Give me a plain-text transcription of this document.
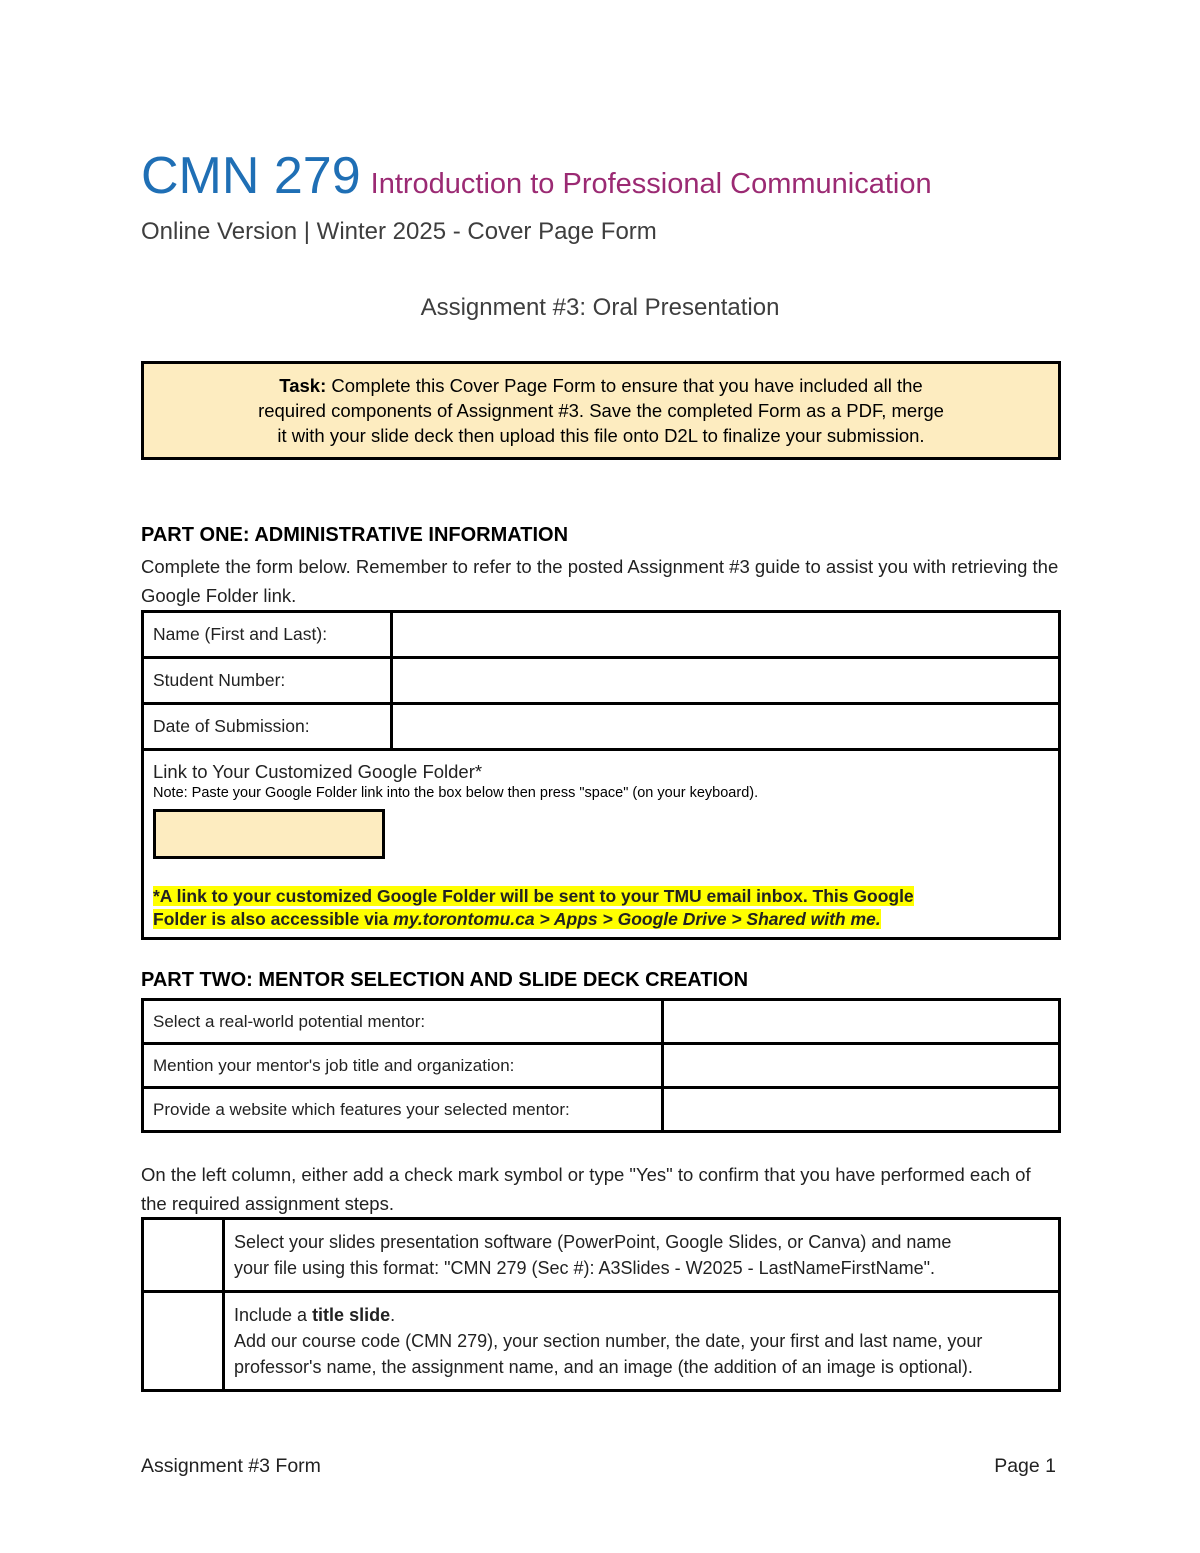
CMN 279 Introduction to Professional Communication
Online Version | Winter 2025 - Cover Page Form
Assignment #3: Oral Presentation
Task: Complete this Cover Page Form to ensure that you have included all the
required components of Assignment #3. Save the completed Form as a PDF, merge
it with your slide deck then upload this file onto D2L to finalize your submission.
PART ONE: ADMINISTRATIVE INFORMATION
Complete the form below. Remember to refer to the posted Assignment #3 guide to assist you with retrieving the Google Folder link.
Name (First and Last):	
Student Number:	
Date of Submission:	

Link to Your Customized Google Folder*
Note: Paste your Google Folder link into the box below then press "space" (on your keyboard).
*A link to your customized Google Folder will be sent to your TMU email inbox. This Google
Folder is also accessible via my.torontomu.ca > Apps > Google Drive > Shared with me.	
PART TWO: MENTOR SELECTION AND SLIDE DECK CREATION
Select a real-world potential mentor:	
Mention your mentor's job title and organization:	
Provide a website which features your selected mentor:	
On the left column, either add a check mark symbol or type "Yes" to confirm that you have performed each of the required assignment steps.

	Select your slides presentation software (PowerPoint, Google Slides, or Canva) and name
your file using this format: "CMN 279 (Sec #): A3Slides - W2025 - LastNameFirstName".

	Include a title slide.
Add our course code (CMN 279), your section number, the date, your first and last name, your
professor's name, the assignment name, and an image (the addition of an image is optional).
Assignment #3 Form	Page 1
